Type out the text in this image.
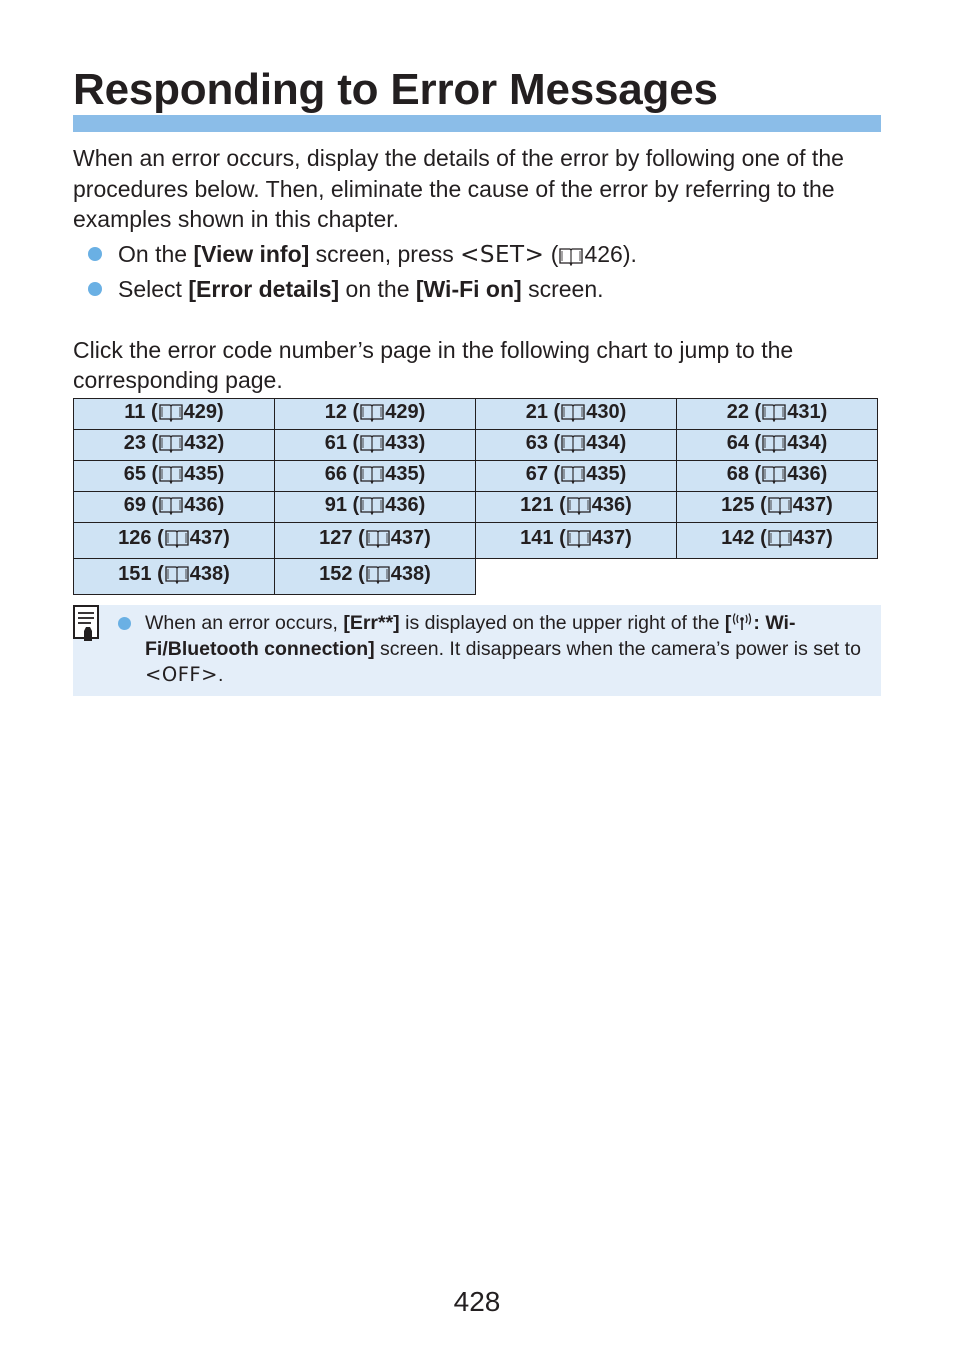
Responding to Error Messages

When an error occurs, display the details of the error by following one of the procedures below. Then, eliminate the cause of the error by referring to the examples shown in this chapter.

On the [View info] screen, press <SET> ( 426).
Select [Error details] on the [Wi-Fi on] screen.

Click the error code number’s page in the following chart to jump to the corresponding page.

11 ( 429)	12 ( 429)	21 ( 430)	22 ( 431)
23 ( 432)	61 ( 433)	63 ( 434)	64 ( 434)
65 ( 435)	66 ( 435)	67 ( 435)	68 ( 436)
69 ( 436)	91 ( 436)	121 ( 436)	125 ( 437)
126 ( 437)	127 ( 437)	141 ( 437)	142 ( 437)
151 ( 438)	152 ( 438)		

When an error occurs, [Err**] is displayed on the upper right of the [ : Wi-Fi/Bluetooth connection] screen. It disappears when the camera’s power is set to <OFF>.

428
